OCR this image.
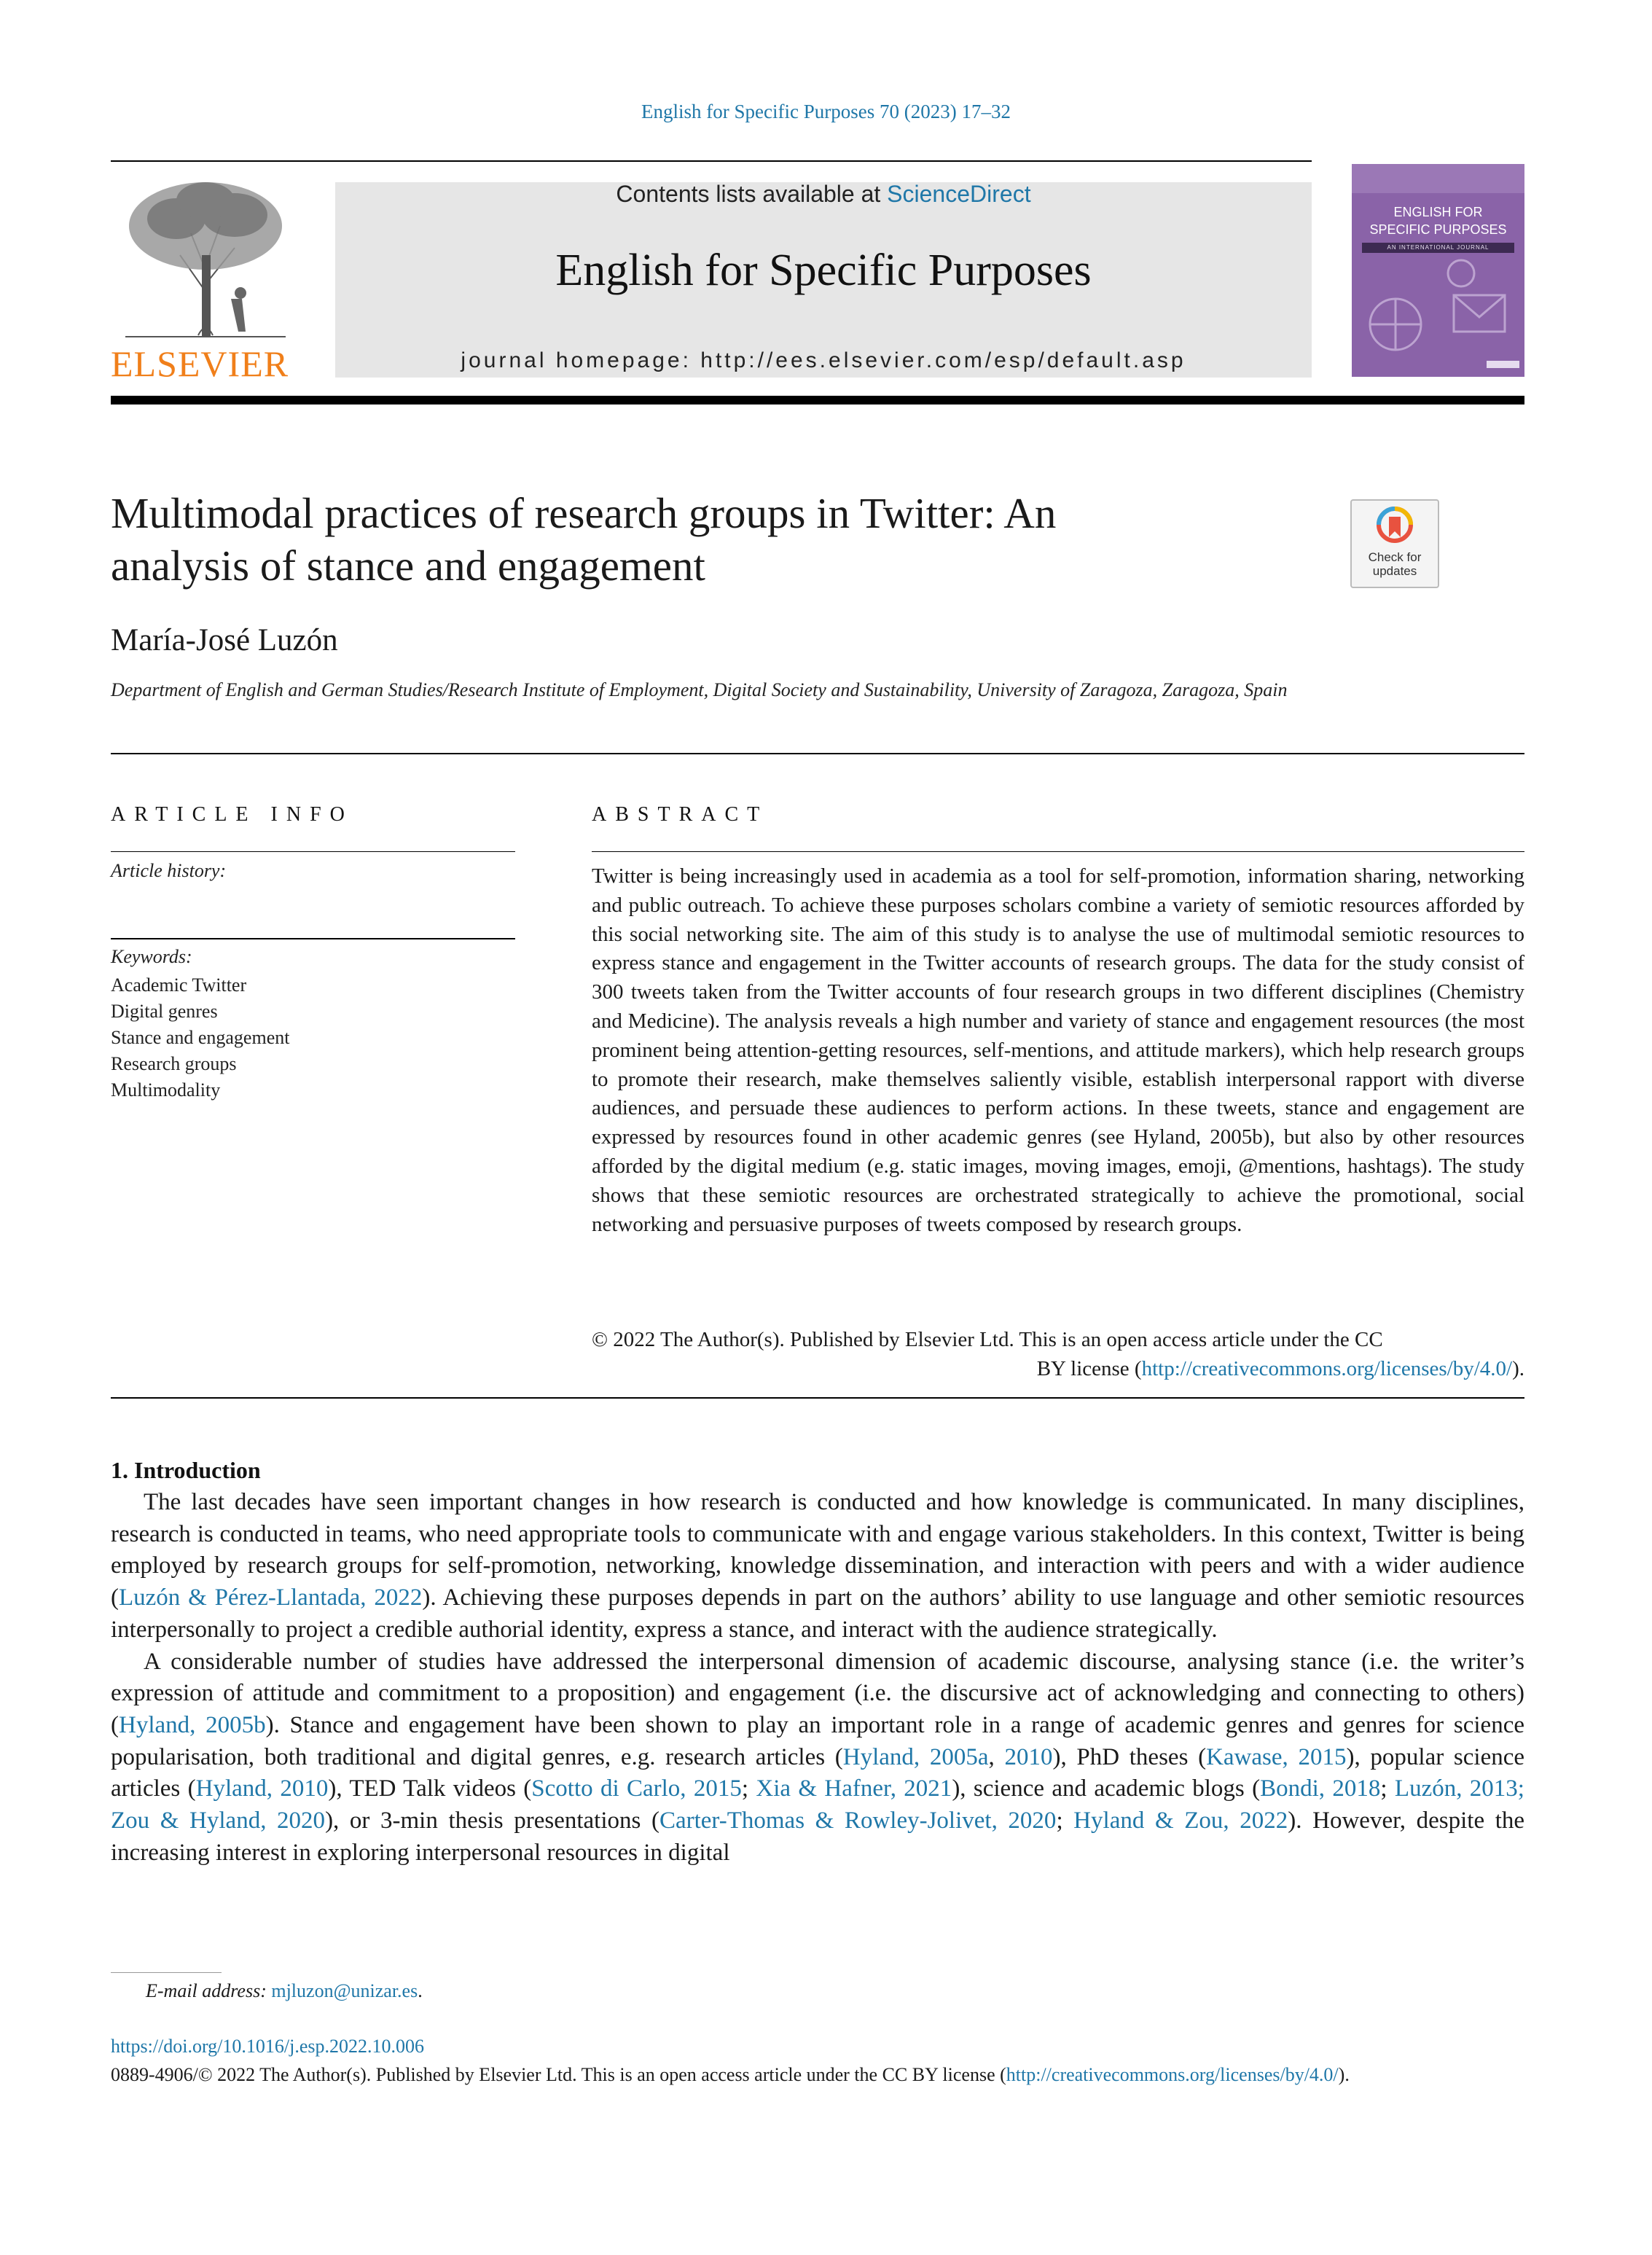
English for Specific Purposes 70 (2023) 17–32
ELSEVIER
Contents lists available at ScienceDirect
English for Specific Purposes
journal homepage: http://ees.elsevier.com/esp/default.asp
ENGLISH FOR
SPECIFIC PURPOSES
AN INTERNATIONAL JOURNAL
Multimodal practices of research groups in Twitter: An
analysis of stance and engagement	Check for
updates
María-José Luzón
Department of English and German Studies/Research Institute of Employment, Digital Society and Sustainability, University of Zaragoza, Zaragoza, Spain
ARTICLE INFO
Article history:
Keywords:
Academic Twitter
Digital genres
Stance and engagement
Research groups
Multimodality
ABSTRACT
Twitter is being increasingly used in academia as a tool for self-promotion, information sharing, networking and public outreach. To achieve these purposes scholars combine a variety of semiotic resources afforded by this social networking site. The aim of this study is to analyse the use of multimodal semiotic resources to express stance and engagement in the Twitter accounts of research groups. The data for the study consist of 300 tweets taken from the Twitter accounts of four research groups in two different disciplines (Chemistry and Medicine). The analysis reveals a high number and variety of stance and engagement resources (the most prominent being attention-getting resources, self-mentions, and attitude markers), which help research groups to promote their research, make themselves saliently visible, establish interpersonal rapport with diverse audiences, and persuade these audiences to perform actions. In these tweets, stance and engagement are expressed by resources found in other academic genres (see Hyland, 2005b), but also by other resources afforded by the digital medium (e.g. static images, moving images, emoji, @mentions, hashtags). The study shows that these semiotic resources are orchestrated strategically to achieve the promotional, social networking and persuasive purposes of tweets composed by research groups.
© 2022 The Author(s). Published by Elsevier Ltd. This is an open access article under the CC
BY license (http://creativecommons.org/licenses/by/4.0/).
1. Introduction

The last decades have seen important changes in how research is conducted and how knowledge is communicated. In many disciplines, research is conducted in teams, who need appropriate tools to communicate with and engage various stakeholders. In this context, Twitter is being employed by research groups for self-promotion, networking, knowledge dissemination, and interaction with peers and with a wider audience (Luzón & Pérez-Llantada, 2022). Achieving these purposes depends in part on the authors’ ability to use language and other semiotic resources interpersonally to project a credible authorial identity, express a stance, and interact with the audience strategically.

A considerable number of studies have addressed the interpersonal dimension of academic discourse, analysing stance (i.e. the writer’s expression of attitude and commitment to a proposition) and engagement (i.e. the discursive act of acknowledging and connecting to others) (Hyland, 2005b). Stance and engagement have been shown to play an important role in a range of academic genres and genres for science popularisation, both traditional and digital genres, e.g. research articles (Hyland, 2005a, 2010), PhD theses (Kawase, 2015), popular science articles (Hyland, 2010), TED Talk videos (Scotto di Carlo, 2015; Xia & Hafner, 2021), science and academic blogs (Bondi, 2018; Luzón, 2013; Zou & Hyland, 2020), or 3-min thesis presentations (Carter-Thomas & Rowley-Jolivet, 2020; Hyland & Zou, 2022). However, despite the increasing interest in exploring interpersonal resources in digital

E-mail address: mjluzon@unizar.es.
https://doi.org/10.1016/j.esp.2022.10.006
0889-4906/© 2022 The Author(s). Published by Elsevier Ltd. This is an open access article under the CC BY license (http://creativecommons.org/licenses/by/4.0/).
